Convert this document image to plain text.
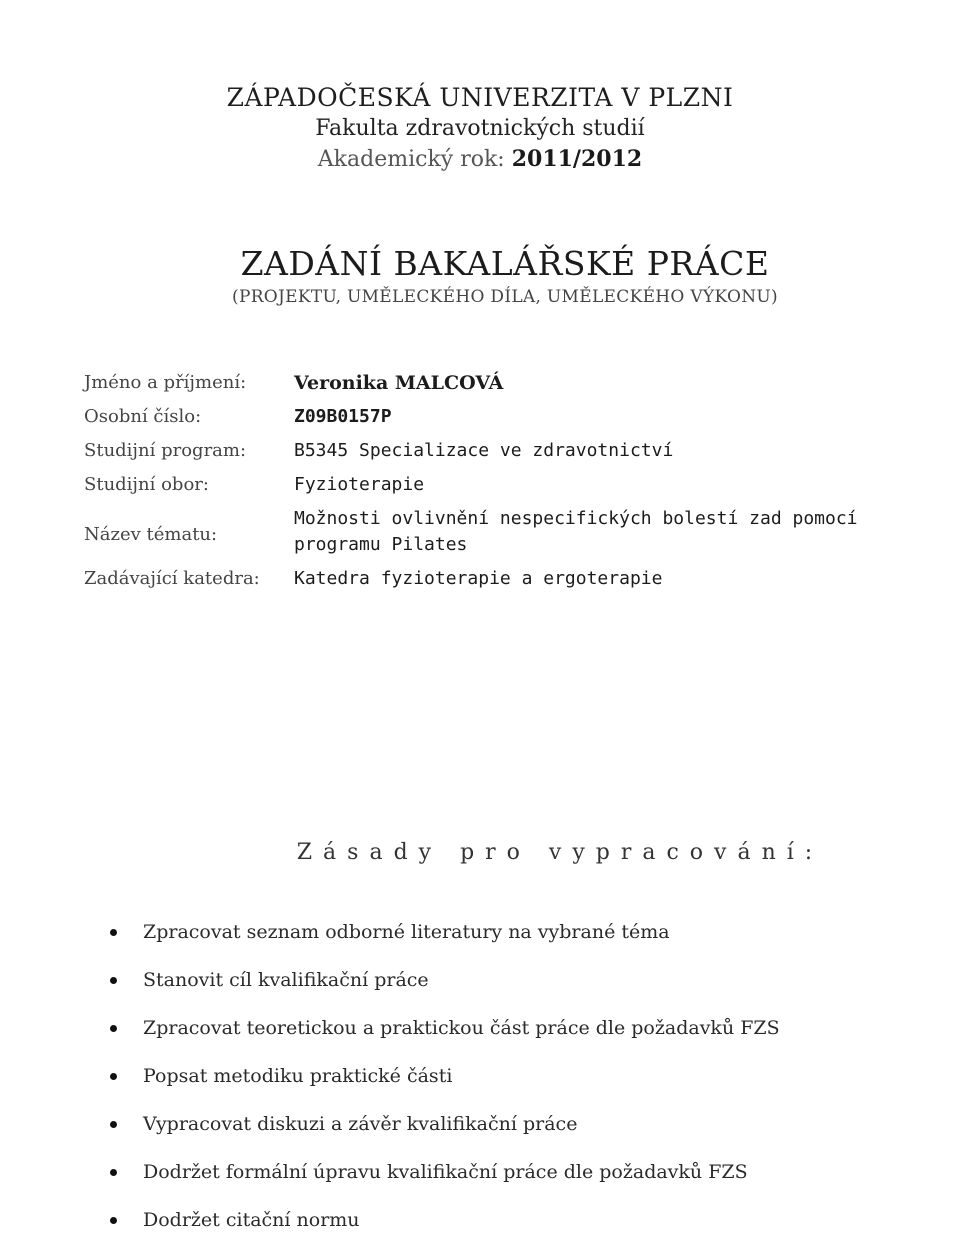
ZÁPADOČESKÁ UNIVERZITA V PLZNI
Fakulta zdravotnických studií
Akademický rok: 2011/2012
ZADÁNÍ BAKALÁŘSKÉ PRÁCE
(PROJEKTU, UMĚLECKÉHO DÍLA, UMĚLECKÉHO VÝKONU)
Jméno a příjmení:	Veronika MALCOVÁ
Osobní číslo:	Z09B0157P
Studijní program:	B5345 Specializace ve zdravotnictví
Studijní obor:	Fyzioterapie
Název tématu:
Možnosti ovlivnění nespecifických bolestí zad pomocí programu Pilates
Zadávající katedra:	Katedra fyzioterapie a ergoterapie
Zásady pro vypracování:
Zpracovat seznam odborné literatury na vybrané téma
Stanovit cíl kvalifikační práce
Zpracovat teoretickou a praktickou část práce dle požadavků FZS
Popsat metodiku praktické části
Vypracovat diskuzi a závěr kvalifikační práce
Dodržet formální úpravu kvalifikační práce dle požadavků FZS
Dodržet citační normu
